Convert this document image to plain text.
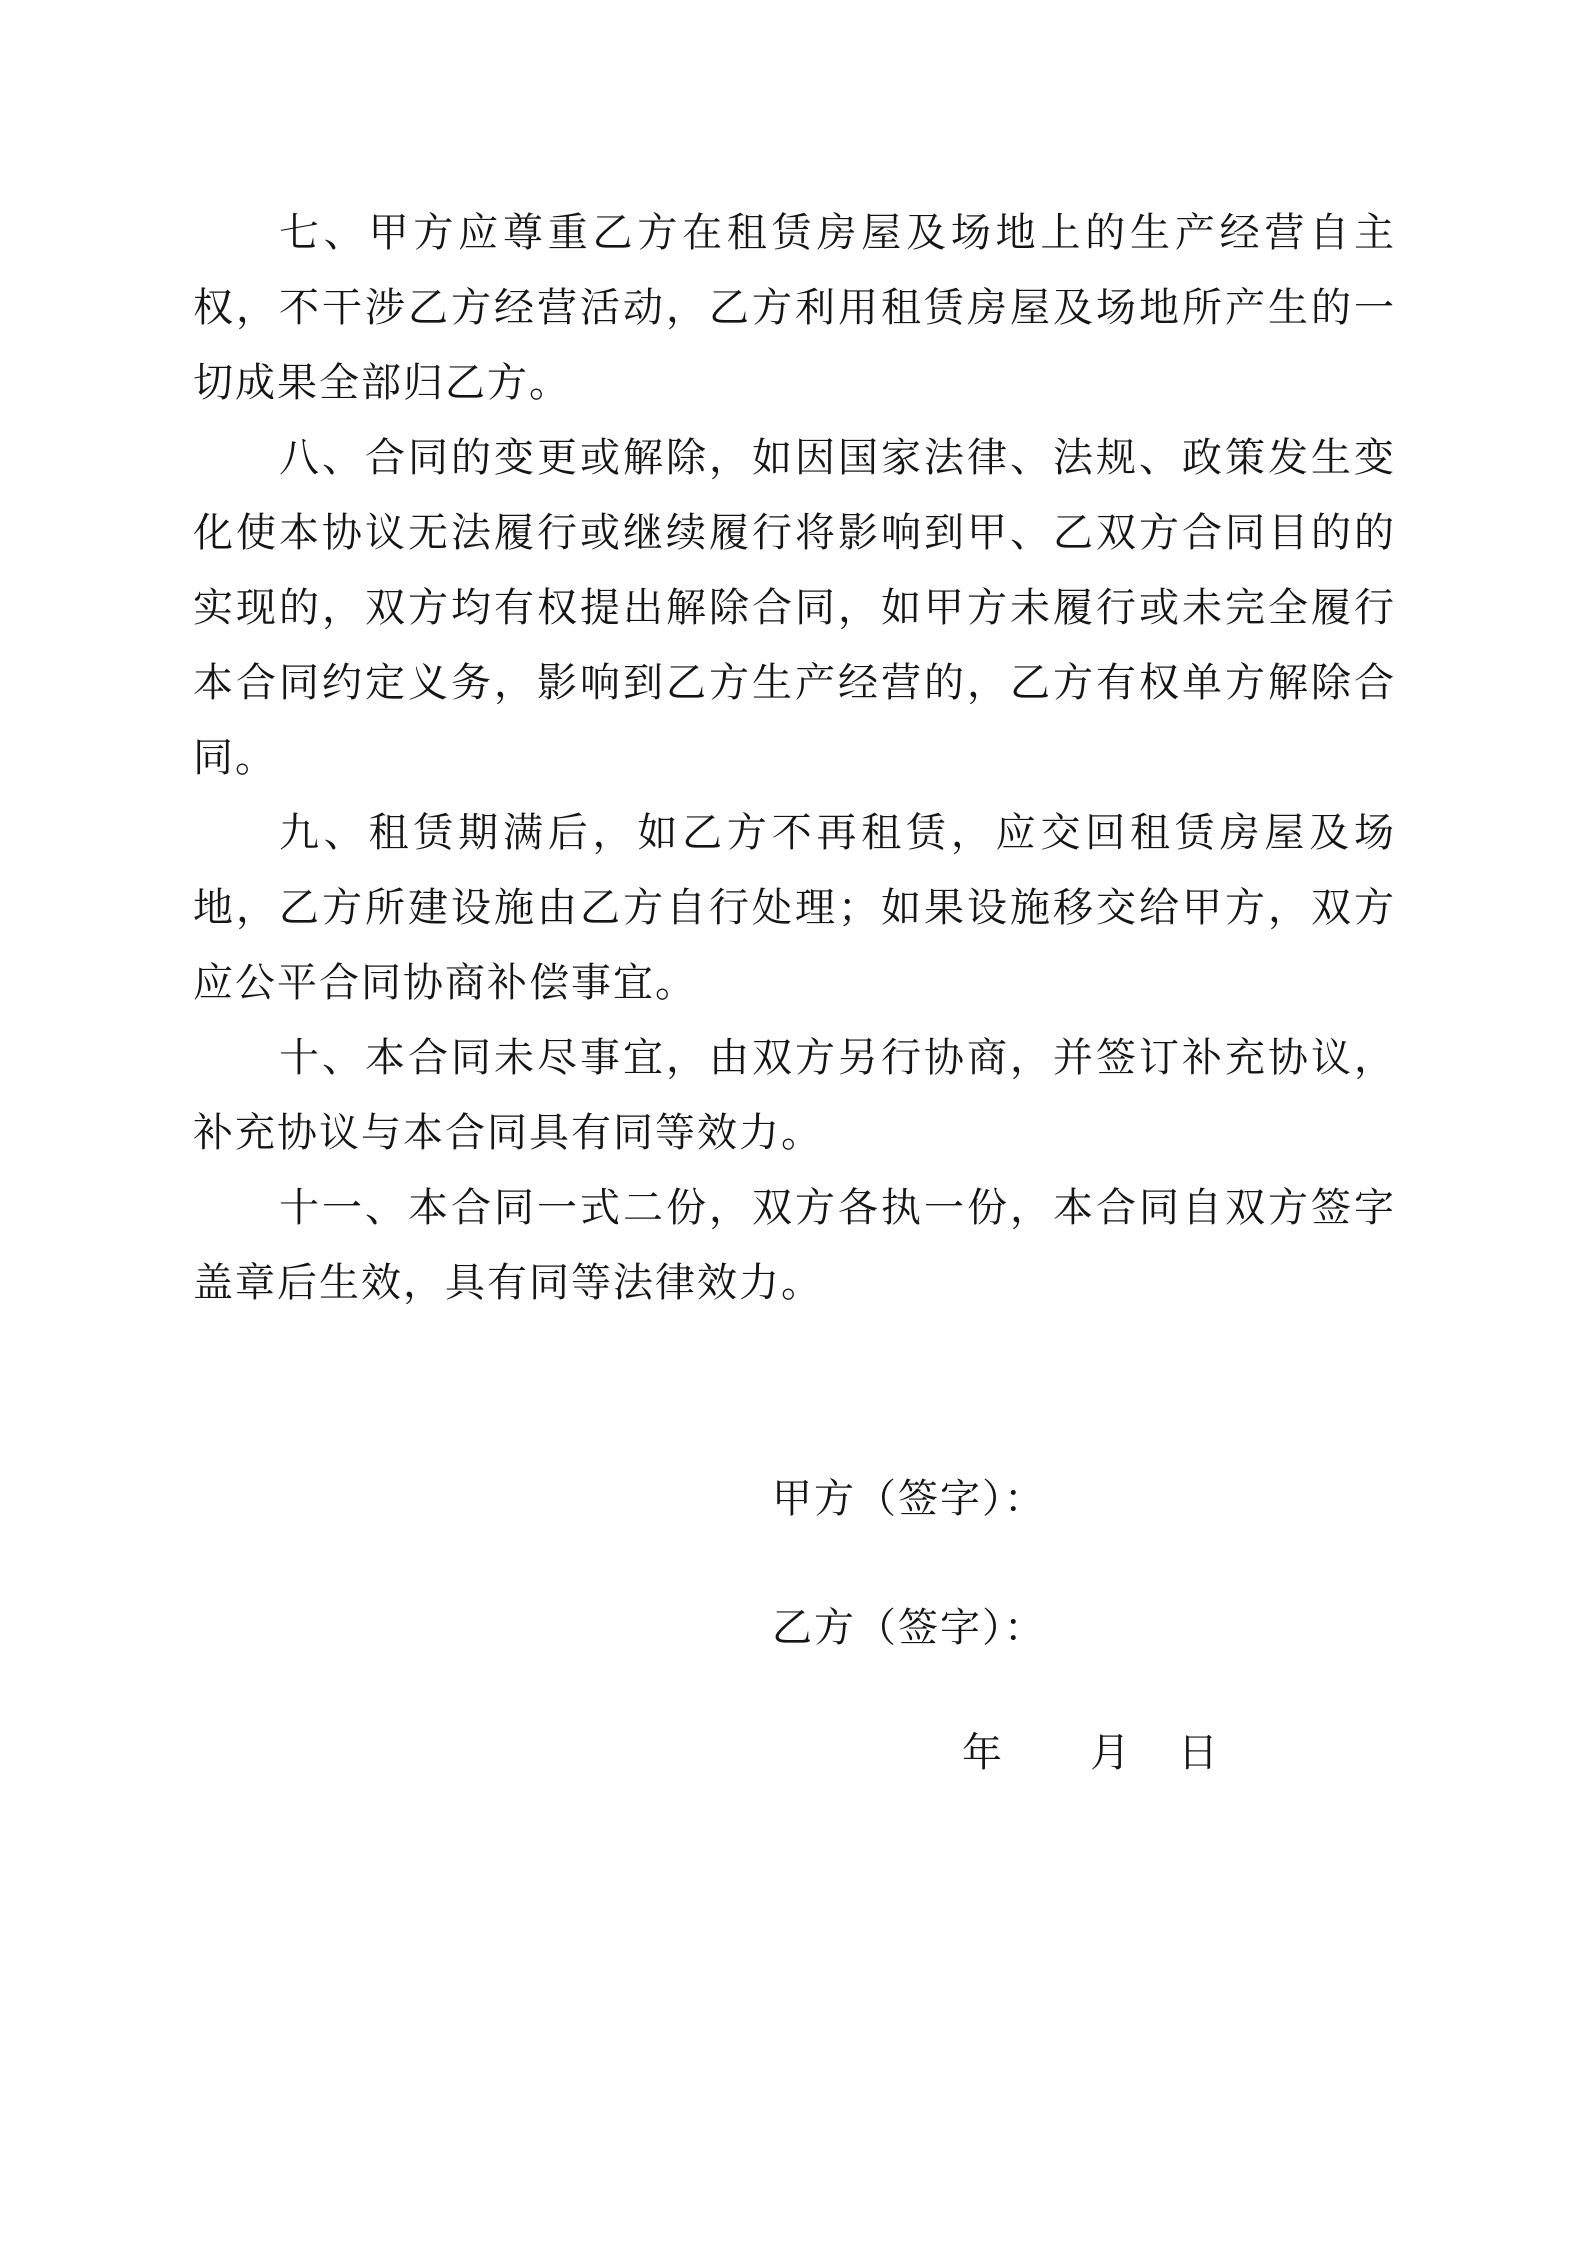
七、甲方应尊重乙方在租赁房屋及场地上的生产经营自主权，不干涉乙方经营活动，乙方利用租赁房屋及场地所产生的一切成果全部归乙方。

八、合同的变更或解除，如因国家法律、法规、政策发生变化使本协议无法履行或继续履行将影响到甲、乙双方合同目的的实现的，双方均有权提出解除合同，如甲方未履行或未完全履行本合同约定义务，影响到乙方生产经营的，乙方有权单方解除合同。

九、租赁期满后，如乙方不再租赁，应交回租赁房屋及场地，乙方所建设施由乙方自行处理；如果设施移交给甲方，双方应公平合同协商补偿事宜。

十、本合同未尽事宜，由双方另行协商，并签订补充协议，补充协议与本合同具有同等效力。

十一、本合同一式二份，双方各执一份，本合同自双方签字盖章后生效，具有同等法律效力。

甲方（签字）：
乙方（签字）：
年 月 日
